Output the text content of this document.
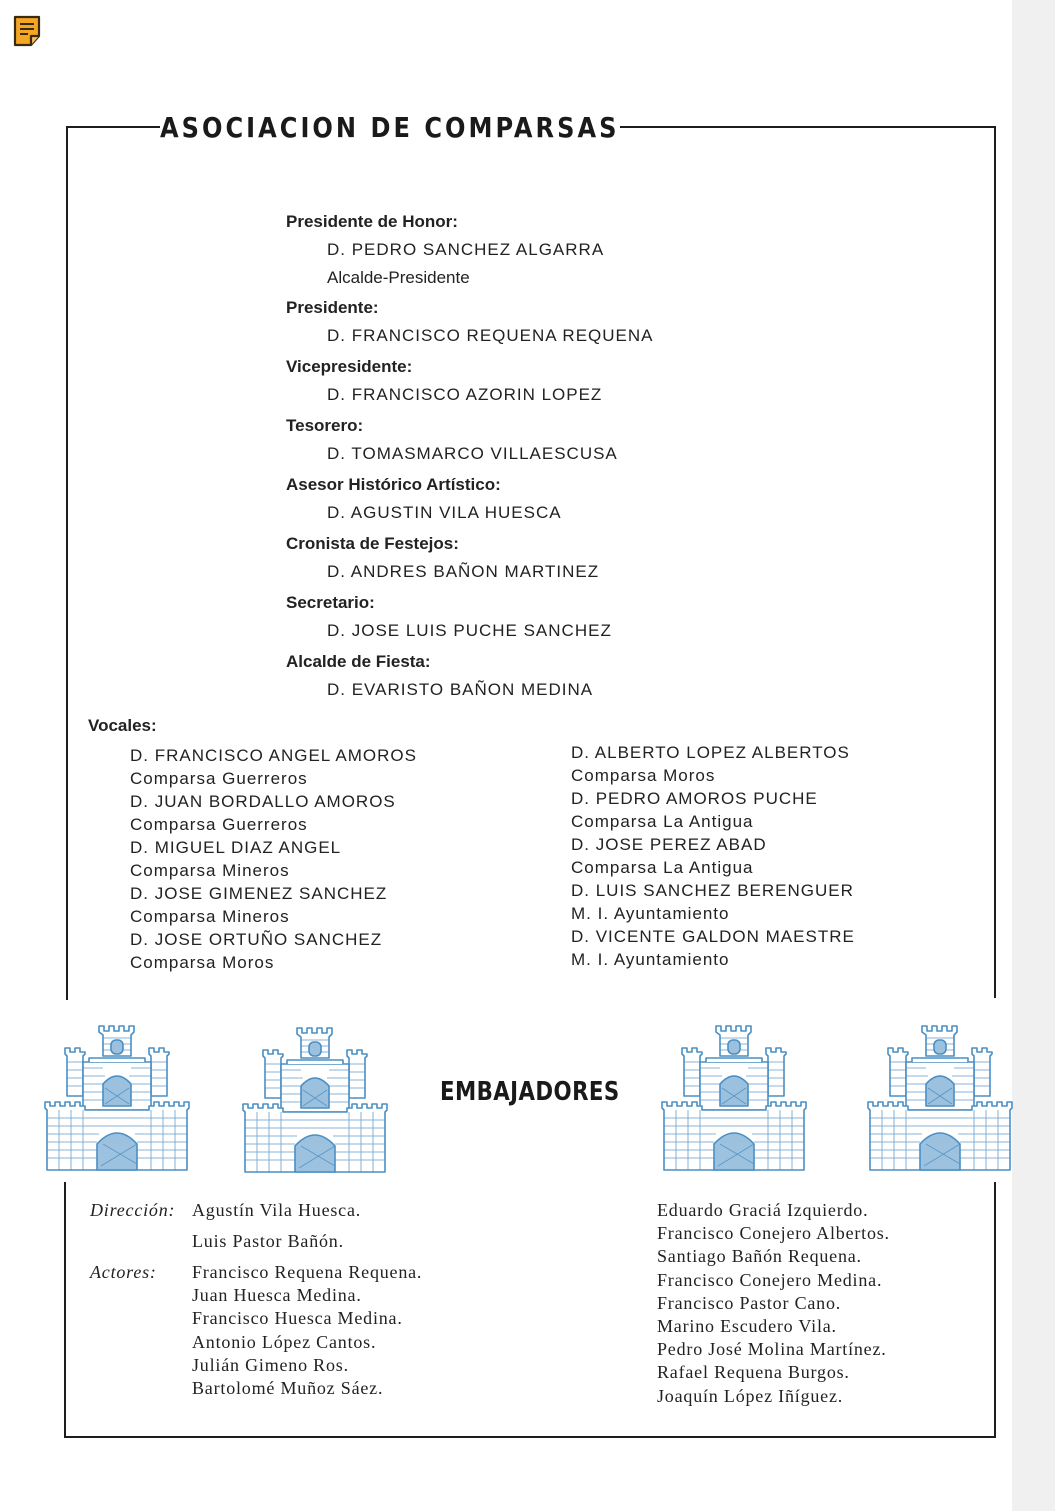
ASOCIACION DE COMPARSAS
Presidente de Honor:
D. PEDRO SANCHEZ ALGARRA
Alcalde-Presidente
Presidente:
D. FRANCISCO REQUENA REQUENA
Vicepresidente:
D. FRANCISCO AZORIN LOPEZ
Tesorero:
D. TOMASMARCO VILLAESCUSA
Asesor Histórico Artístico:
D. AGUSTIN VILA HUESCA
Cronista de Festejos:
D. ANDRES BAÑON MARTINEZ
Secretario:
D. JOSE LUIS PUCHE SANCHEZ
Alcalde de Fiesta:
D. EVARISTO BAÑON MEDINA
Vocales:
D. FRANCISCO ANGEL AMOROS
Comparsa Guerreros
D. JUAN BORDALLO AMOROS
Comparsa Guerreros
D. MIGUEL DIAZ ANGEL
Comparsa Mineros
D. JOSE GIMENEZ SANCHEZ
Comparsa Mineros
D. JOSE ORTUÑO SANCHEZ
Comparsa Moros
D. ALBERTO LOPEZ ALBERTOS
Comparsa Moros
D. PEDRO AMOROS PUCHE
Comparsa La Antigua
D. JOSE PEREZ ABAD
Comparsa La Antigua
D. LUIS SANCHEZ BERENGUER
M. I. Ayuntamiento
D. VICENTE GALDON MAESTRE
M. I. Ayuntamiento
EMBAJADORES
Dirección: Agustín Vila Huesca.
Luis Pastor Bañón.
Actores: Francisco Requena Requena.
Juan Huesca Medina.
Francisco Huesca Medina.
Antonio López Cantos.
Julián Gimeno Ros.
Bartolomé Muñoz Sáez.
Eduardo Graciá Izquierdo.
Francisco Conejero Albertos.
Santiago Bañón Requena.
Francisco Conejero Medina.
Francisco Pastor Cano.
Marino Escudero Vila.
Pedro José Molina Martínez.
Rafael Requena Burgos.
Joaquín López Iñíguez.
